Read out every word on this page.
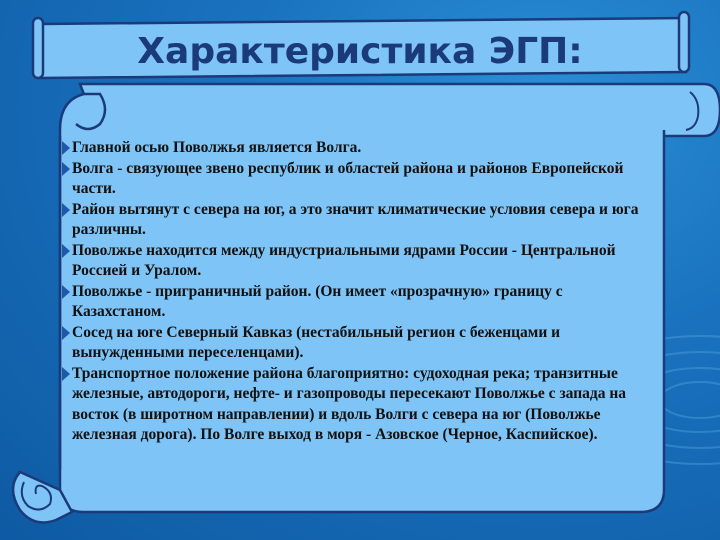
Характеристика ЭГП:

Главной осью Поволжья является Волга.

Волга - связующее звено республик и областей района и районов Европейской части.

Район вытянут с севера на юг, а это значит климатические условия севера и юга различны.

Поволжье находится между индустриальными ядрами России - Центральной Россией и Уралом.

Поволжье - приграничный район. (Он имеет «прозрачную» границу с Казахстаном.

Сосед на юге Северный Кавказ (нестабильный регион с беженцами и вынужденными переселенцами).

Транспортное положение района благоприятно: судоходная река; транзитные железные, автодороги, нефте- и газопроводы пересекают Поволжье с запада на восток (в широтном направлении) и вдоль Волги с севера на юг (Поволжье железная дорога). По Волге выход в моря - Азовское (Черное, Каспийское).
